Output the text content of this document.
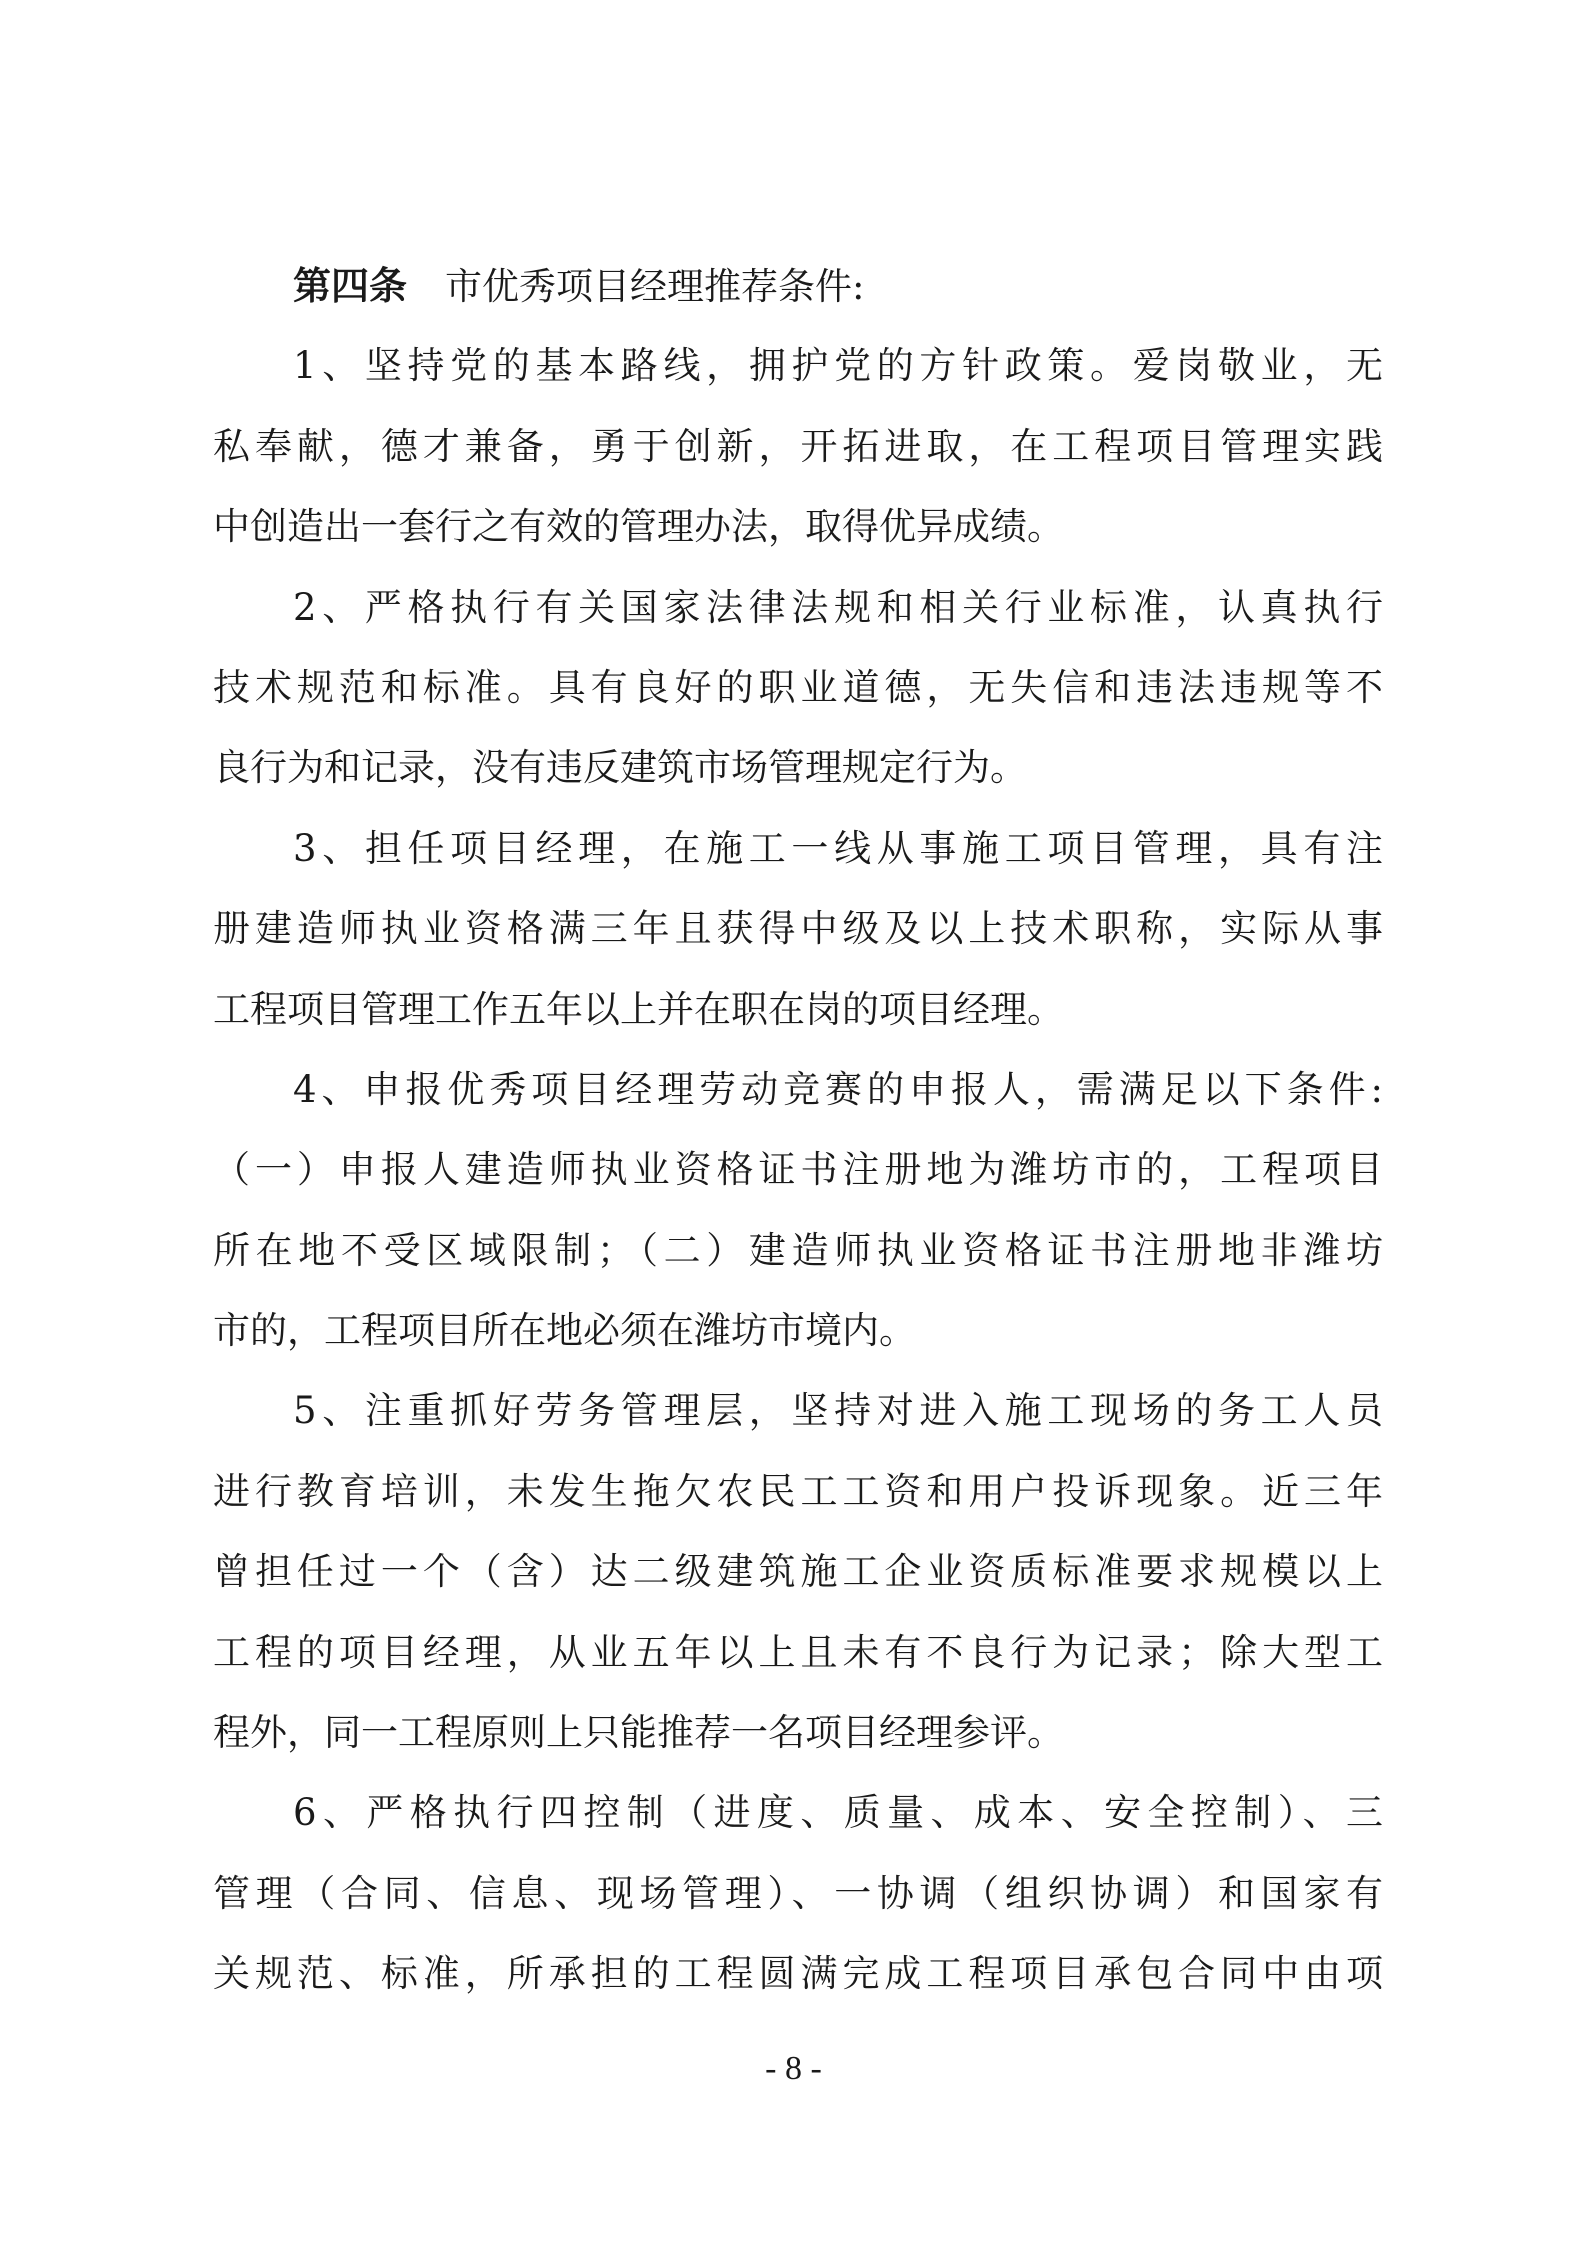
第四条 市优秀项目经理推荐条件:
1、坚持党的基本路线，拥护党的方针政策。爱岗敬业，无
私奉献，德才兼备，勇于创新，开拓进取，在工程项目管理实践
中创造出一套行之有效的管理办法，取得优异成绩。
2、严格执行有关国家法律法规和相关行业标准，认真执行
技术规范和标准。具有良好的职业道德，无失信和违法违规等不
良行为和记录，没有违反建筑市场管理规定行为。
3、担任项目经理，在施工一线从事施工项目管理，具有注
册建造师执业资格满三年且获得中级及以上技术职称，实际从事
工程项目管理工作五年以上并在职在岗的项目经理。
4、申报优秀项目经理劳动竞赛的申报人，需满足以下条件:
（一）申报人建造师执业资格证书注册地为潍坊市的，工程项目
所在地不受区域限制；（二）建造师执业资格证书注册地非潍坊
市的，工程项目所在地必须在潍坊市境内。
5、注重抓好劳务管理层，坚持对进入施工现场的务工人员
进行教育培训，未发生拖欠农民工工资和用户投诉现象。近三年
曾担任过一个（含）达二级建筑施工企业资质标准要求规模以上
工程的项目经理，从业五年以上且未有不良行为记录；除大型工
程外，同一工程原则上只能推荐一名项目经理参评。
6、严格执行四控制（进度、质量、成本、安全控制）、三
管理（合同、信息、现场管理）、一协调（组织协调）和国家有
关规范、标准，所承担的工程圆满完成工程项目承包合同中由项
- 8 -
